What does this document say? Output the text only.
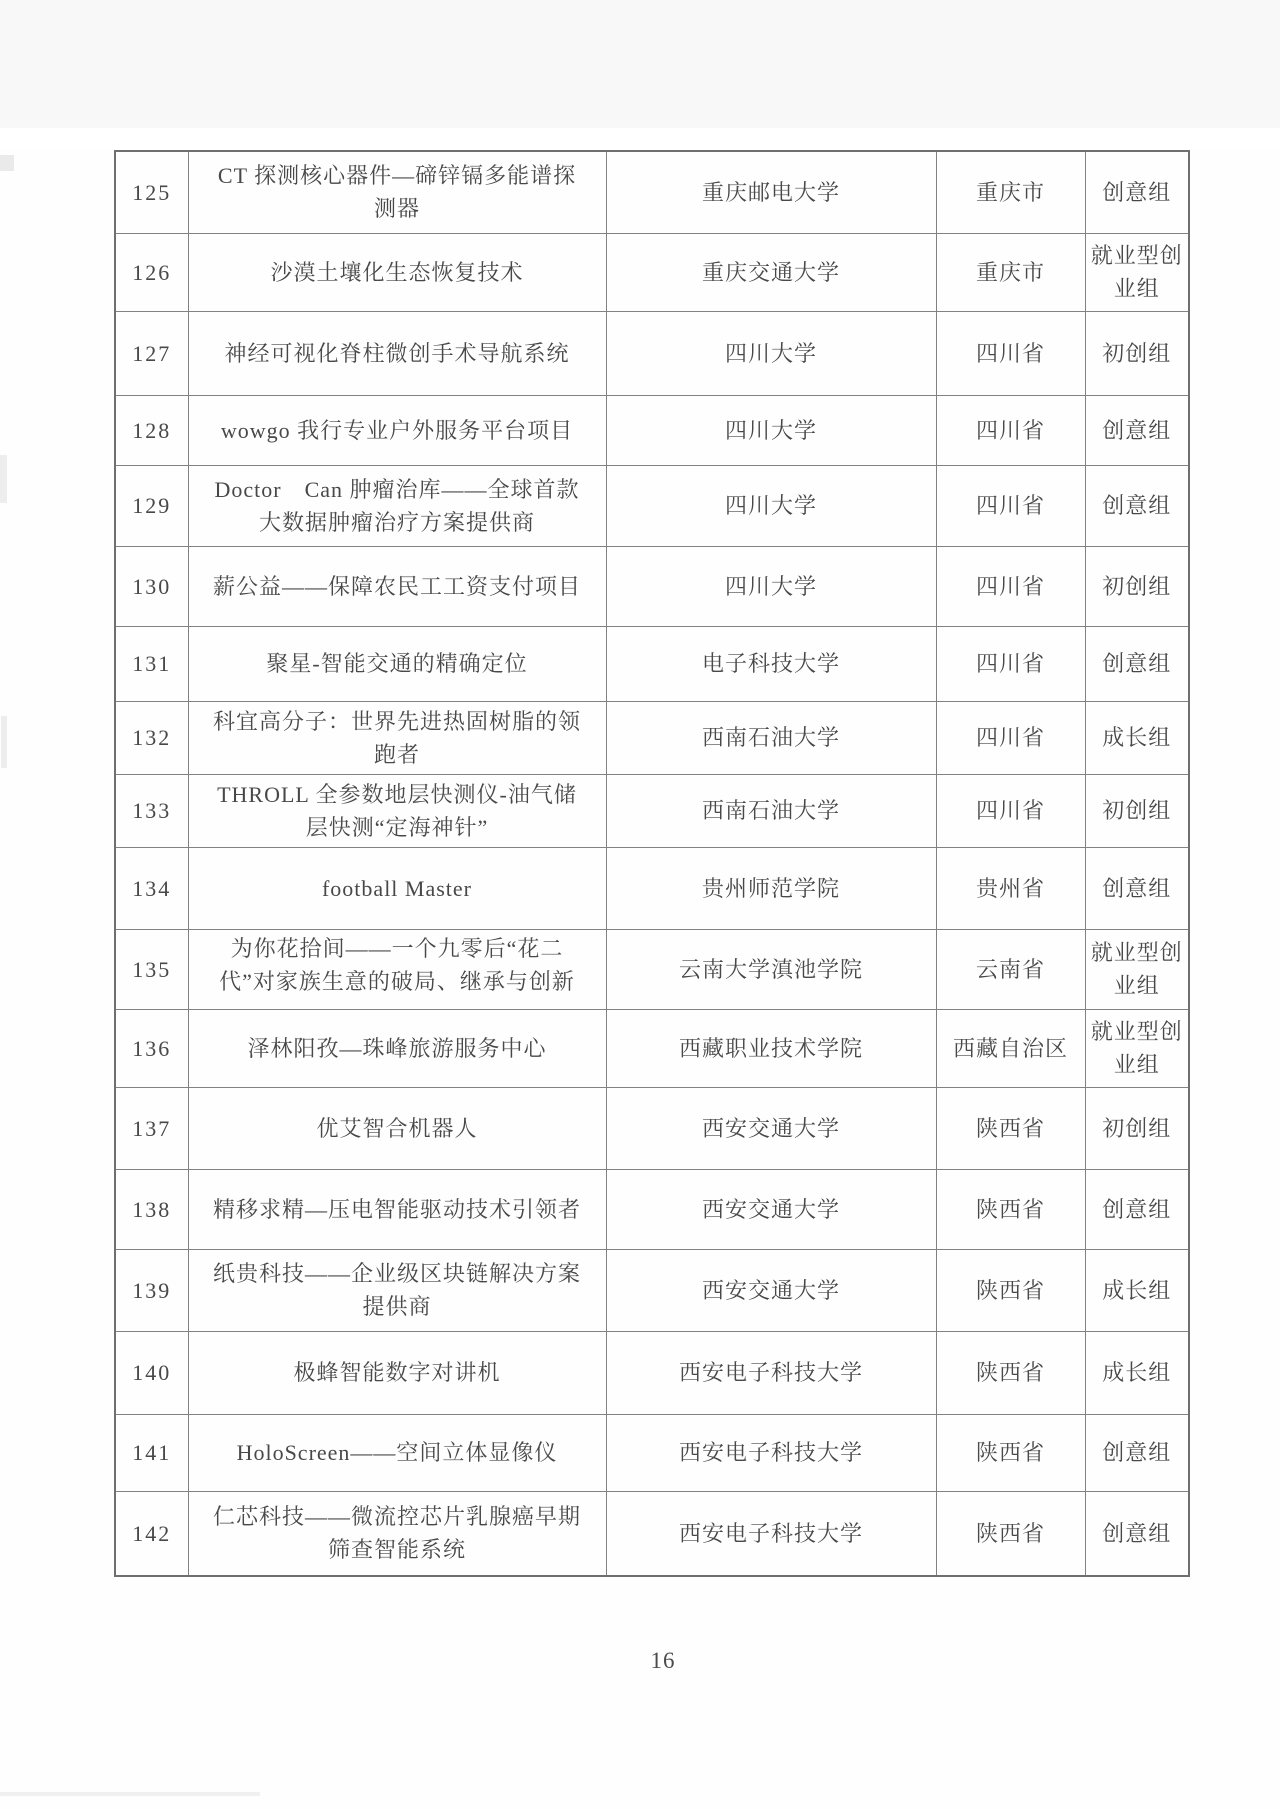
125	CT 探测核心器件—碲锌镉多能谱探测器	重庆邮电大学	重庆市	创意组

126	沙漠土壤化生态恢复技术	重庆交通大学	重庆市	就业型创业组

127	神经可视化脊柱微创手术导航系统	四川大学	四川省	初创组

128	wowgo 我行专业户外服务平台项目	四川大学	四川省	创意组

129	Doctor　Can 肿瘤治库——全球首款大数据肿瘤治疗方案提供商	四川大学	四川省	创意组

130	薪公益——保障农民工工资支付项目	四川大学	四川省	初创组

131	聚星-智能交通的精确定位	电子科技大学	四川省	创意组

132	科宜高分子：世界先进热固树脂的领跑者	西南石油大学	四川省	成长组

133	THROLL 全参数地层快测仪-油气储层快测“定海神针”	西南石油大学	四川省	初创组

134	football Master	贵州师范学院	贵州省	创意组

135	为你花拾间——一个九零后“花二代”对家族生意的破局、继承与创新	云南大学滇池学院	云南省	就业型创业组

136	泽林阳孜—珠峰旅游服务中心	西藏职业技术学院	西藏自治区	就业型创业组

137	优艾智合机器人	西安交通大学	陕西省	初创组

138	精移求精—压电智能驱动技术引领者	西安交通大学	陕西省	创意组

139	纸贵科技——企业级区块链解决方案提供商	西安交通大学	陕西省	成长组

140	极蜂智能数字对讲机	西安电子科技大学	陕西省	成长组

141	HoloScreen——空间立体显像仪	西安电子科技大学	陕西省	创意组

142	仁芯科技——微流控芯片乳腺癌早期筛查智能系统	西安电子科技大学	陕西省	创意组
16
